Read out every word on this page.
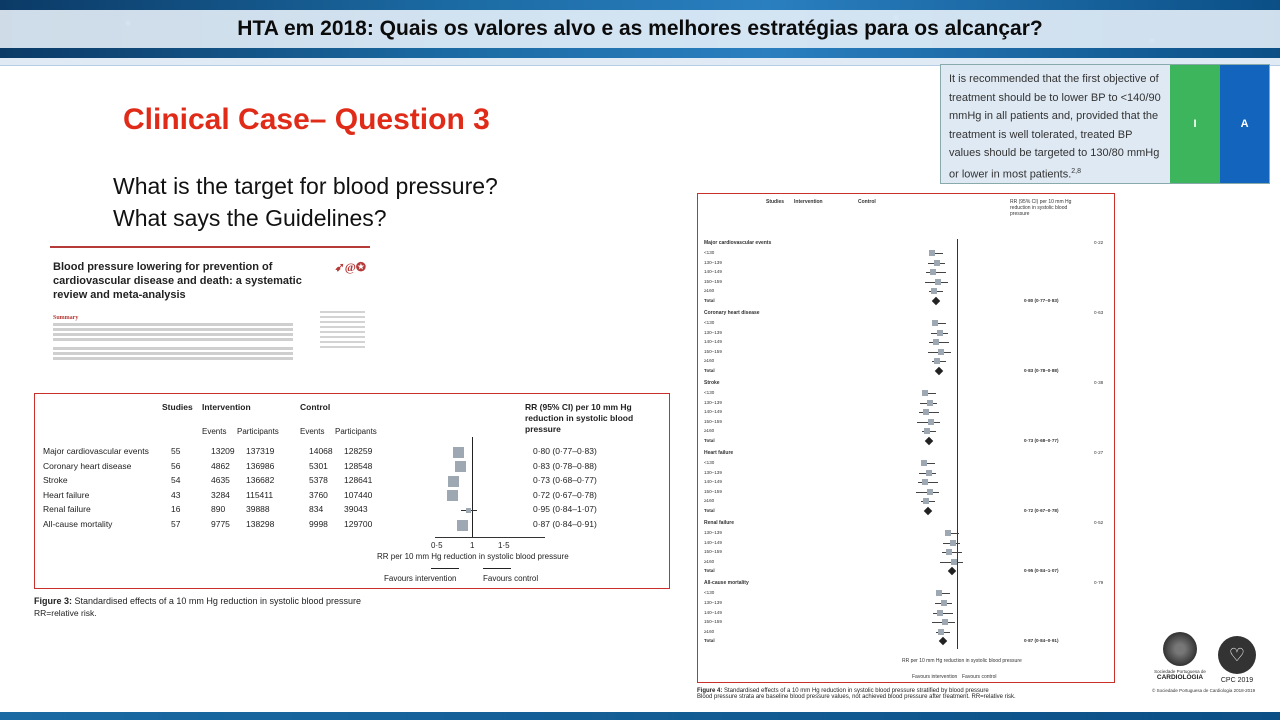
HTA em 2018: Quais os valores alvo e as melhores estratégias para os alcançar?
Clinical Case– Question 3
What is the target for blood pressure?
What says the Guidelines?
Blood pressure lowering for prevention of cardiovascular disease and death: a systematic review and meta-analysis
➹@✪

Summary
Studies Intervention	Control	RR (95% CI) per 10 mm Hg reduction in systolic blood pressure
Events Participants	Events Participants
Major cardiovascular events	55	13209 137319	14068 128259	0·80 (0·77–0·83)
Coronary heart disease	56	4862 136986	5301 128548	0·83 (0·78–0·88)
Stroke	54	4635 136682	5378 128641	0·73 (0·68–0·77)
Heart failure	43	3284 115411	3760 107440	0·72 (0·67–0·78)
Renal failure	16	890 39888	834 39043	0·95 (0·84–1·07)
All-cause mortality	57	9775 138298	9998 129700	0·87 (0·84–0·91)
0·5	1	1·5
RR per 10 mm Hg reduction in systolic blood pressure
Favours intervention	Favours control
Figure 3: Standardised effects of a 10 mm Hg reduction in systolic blood pressure
RR=relative risk.
It is recommended that the first objective of treatment should be to lower BP to <140/90 mmHg in all patients and, provided that the treatment is well tolerated, treated BP values should be targeted to 130/80 mmHg or lower in most patients.$^{2,8}$
I	A
Studies Intervention	Control	RR (95% CI) per 10 mm Hg reduction in systolic blood pressure
RR per 10 mm Hg reduction in systolic blood pressure
Favours intervention Favours control
Major cardiovascular events	0·22
<130
130–139
140–149
150–159
≥160
Total	0·80 (0·77–0·83)
Coronary heart disease	0·63
<130
130–139
140–149
150–159
≥160
Total	0·83 (0·78–0·88)
Stroke	0·38
<130
130–139
140–149
150–159
≥160
Total	0·73 (0·68–0·77)
Heart failure	0·27
<130
130–139
140–149
150–159
≥160
Total	0·72 (0·67–0·78)
Renal failure	0·52
130–139
140–149
150–159
≥160
Total	0·95 (0·84–1·07)
All-cause mortality	0·79
<130
130–139
140–149
150–159
≥160
Total	0·87 (0·84–0·91)
Figure 4: Standardised effects of a 10 mm Hg reduction in systolic blood pressure stratified by blood pressure
Blood pressure strata are baseline blood pressure values, not achieved blood pressure after treatment. RR=relative risk.
Sociedade Portuguesa de
CARDIOLOGIA
♡
CPC 2019
© Sociedade Portuguesa de Cardiologia 2018-2019
